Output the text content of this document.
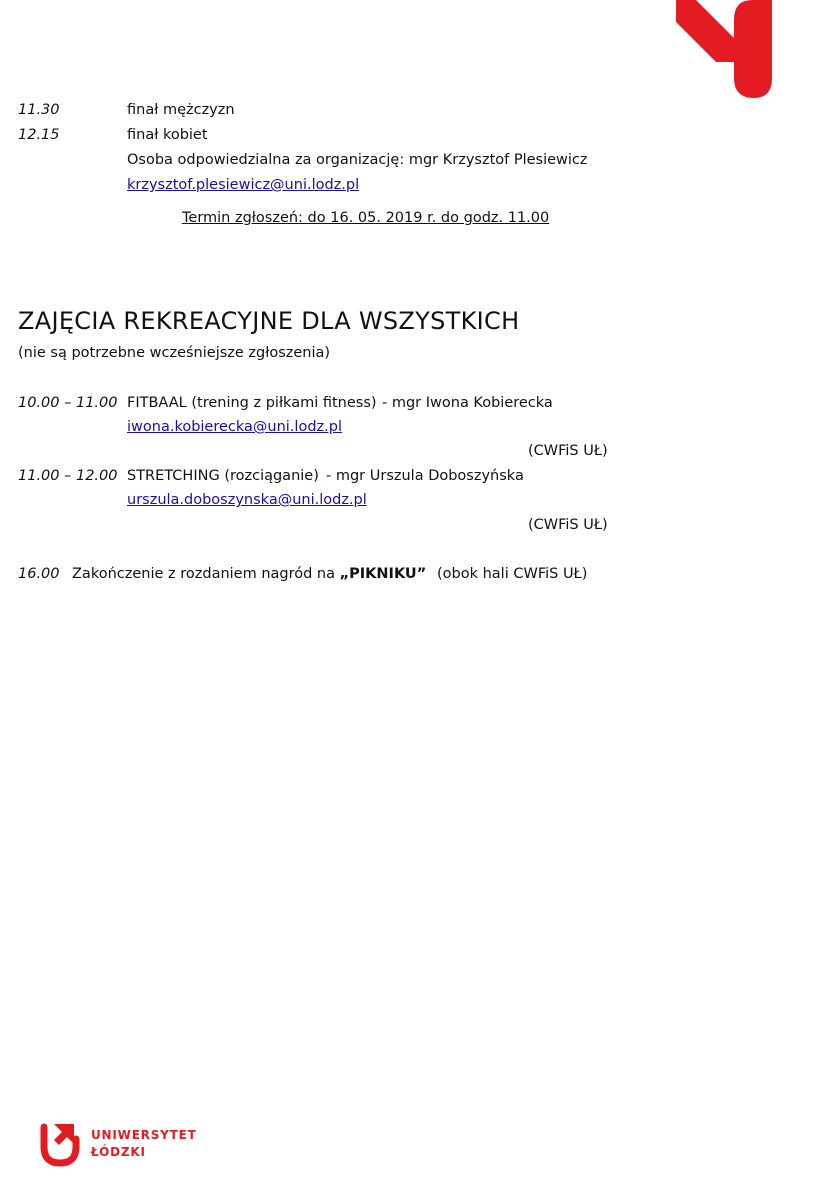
11.30	finał mężczyzn
12.15	finał kobiet
Osoba odpowiedzialna za organizację: mgr Krzysztof Plesiewicz
krzysztof.plesiewicz@uni.lodz.pl
Termin zgłoszeń: do 16. 05. 2019 r. do godz. 11.00
ZAJĘCIA REKREACYJNE DLA WSZYSTKICH
(nie są potrzebne wcześniejsze zgłoszenia)
10.00 – 11.00 FITBAAL (trening z piłkami fitness) - mgr Iwona Kobierecka
iwona.kobierecka@uni.lodz.pl
(CWFiS UŁ)
11.00 – 12.00 STRETCHING (rozciąganie) - mgr Urszula Doboszyńska
urszula.doboszynska@uni.lodz.pl
(CWFiS UŁ)
16.00 Zakończenie z rozdaniem nagród na „PIKNIKU” (obok hali CWFiS UŁ)
UNIWERSYTET
ŁÓDZKI
